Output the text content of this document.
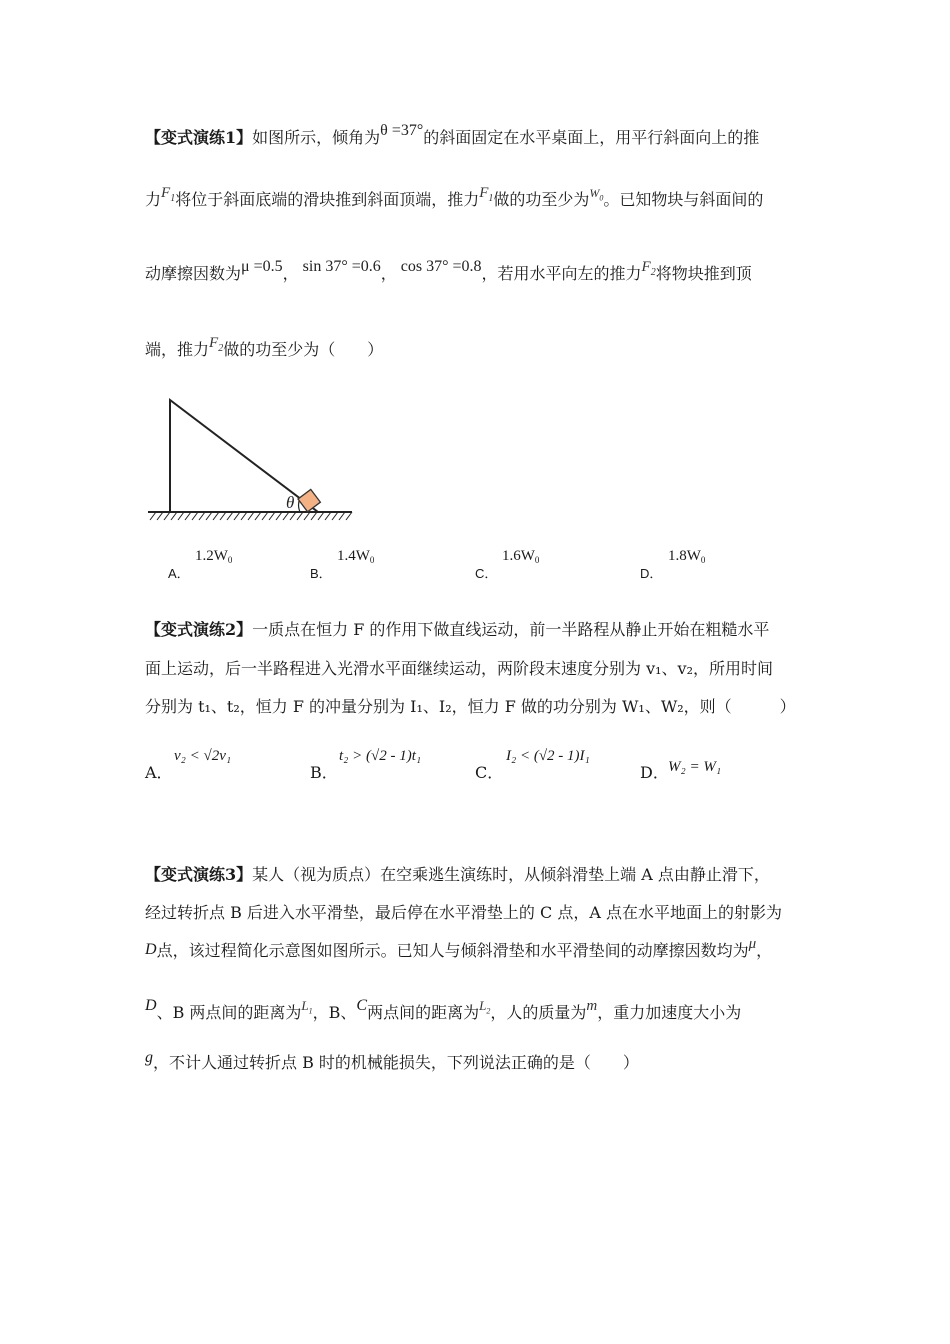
【变式演练1】如图所示，倾角为θ =37°的斜面固定在水平桌面上，用平行斜面向上的推
力$F_1$将位于斜面底端的滑块推到斜面顶端，推力$F_1$做的功至少为$^{W_0}$。已知物块与斜面间的
动摩擦因数为μ =0.5， sin 37° =0.6， cos 37° =0.8，若用水平向左的推力$F_2$将物块推到顶
端，推力$F_2$做的功至少为（　　）
θ
A．
$1.2W_0$
B．
$1.4W_0$
C．
$1.6W_0$
D．
$1.8W_0$
【变式演练2】一质点在恒力 F 的作用下做直线运动，前一半路程从静止开始在粗糙水平
面上运动，后一半路程进入光滑水平面继续运动，两阶段末速度分别为 v₁、v₂，所用时间
分别为 t₁、t₂，恒力 F 的冲量分别为 I₁、I₂，恒力 F 做的功分别为 W₁、W₂，则（　　　）
A．
v₂ < √2v₁
B．
t₂ > (√2 - 1)t₁
C．
I₂ < (√2 - 1)I₁
D． W₂ = W₁
【变式演练3】某人（视为质点）在空乘逃生演练时，从倾斜滑垫上端 A 点由静止滑下，
经过转折点 B 后进入水平滑垫，最后停在水平滑垫上的 C 点，A 点在水平地面上的射影为
D点，该过程简化示意图如图所示。已知人与倾斜滑垫和水平滑垫间的动摩擦因数均为μ，
D、B 两点间的距离为$^{L_1}$，B、C两点间的距离为$^{L_2}$，人的质量为m，重力加速度大小为
g，不计人通过转折点 B 时的机械能损失，下列说法正确的是（　　）
